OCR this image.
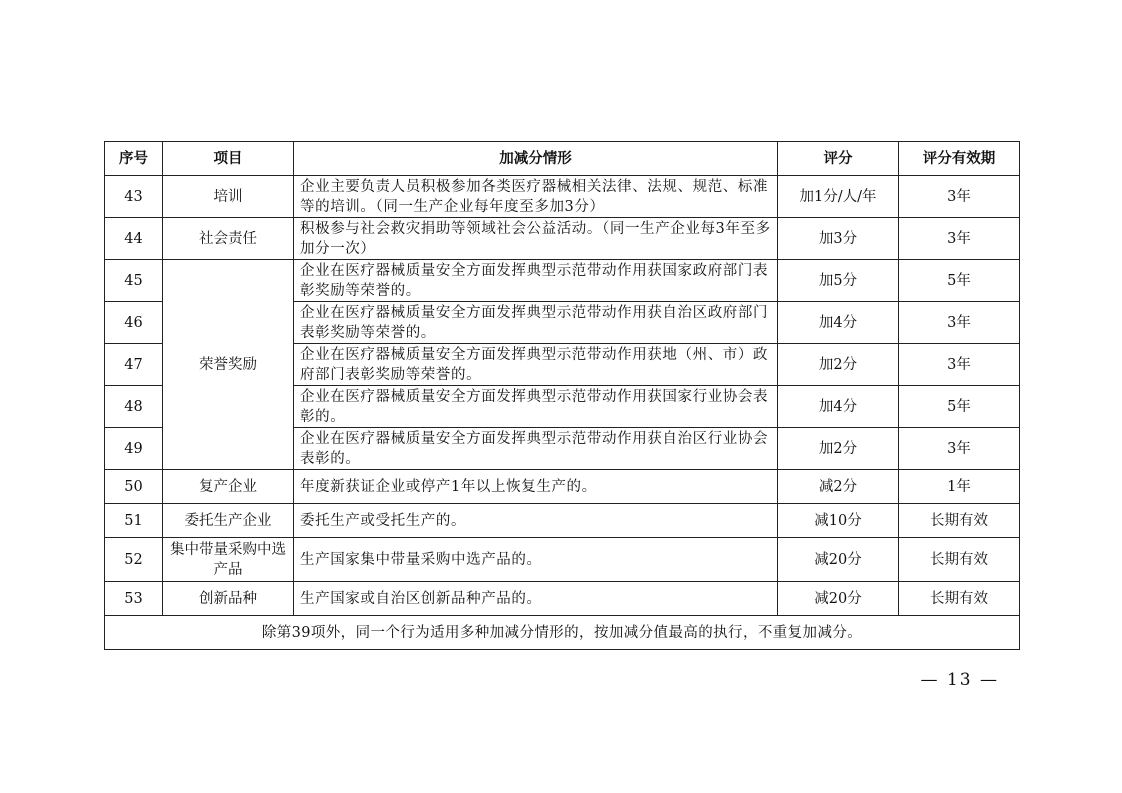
序号	项目	加减分情形	评分	评分有效期
43	培训	企业主要负责人员积极参加各类医疗器械相关法律、法规、规范、标准等的培训。（同一生产企业每年度至多加3分）	加1分/人/年	3年
44	社会责任	积极参与社会救灾捐助等领域社会公益活动。（同一生产企业每3年至多加分一次）	加3分	3年
45	荣誉奖励	企业在医疗器械质量安全方面发挥典型示范带动作用获国家政府部门表彰奖励等荣誉的。	加5分	5年
46		企业在医疗器械质量安全方面发挥典型示范带动作用获自治区政府部门表彰奖励等荣誉的。	加4分	3年
47		企业在医疗器械质量安全方面发挥典型示范带动作用获地（州、市）政府部门表彰奖励等荣誉的。	加2分	3年
48		企业在医疗器械质量安全方面发挥典型示范带动作用获国家行业协会表彰的。	加4分	5年
49		企业在医疗器械质量安全方面发挥典型示范带动作用获自治区行业协会表彰的。	加2分	3年
50	复产企业	年度新获证企业或停产1年以上恢复生产的。	减2分	1年
51	委托生产企业	委托生产或受托生产的。	减10分	长期有效
52	集中带量采购中选产品	生产国家集中带量采购中选产品的。	减20分	长期有效
53	创新品种	生产国家或自治区创新品种产品的。	减20分	长期有效
除第39项外，同一个行为适用多种加减分情形的，按加减分值最高的执行，不重复加减分。				
— 13 —
